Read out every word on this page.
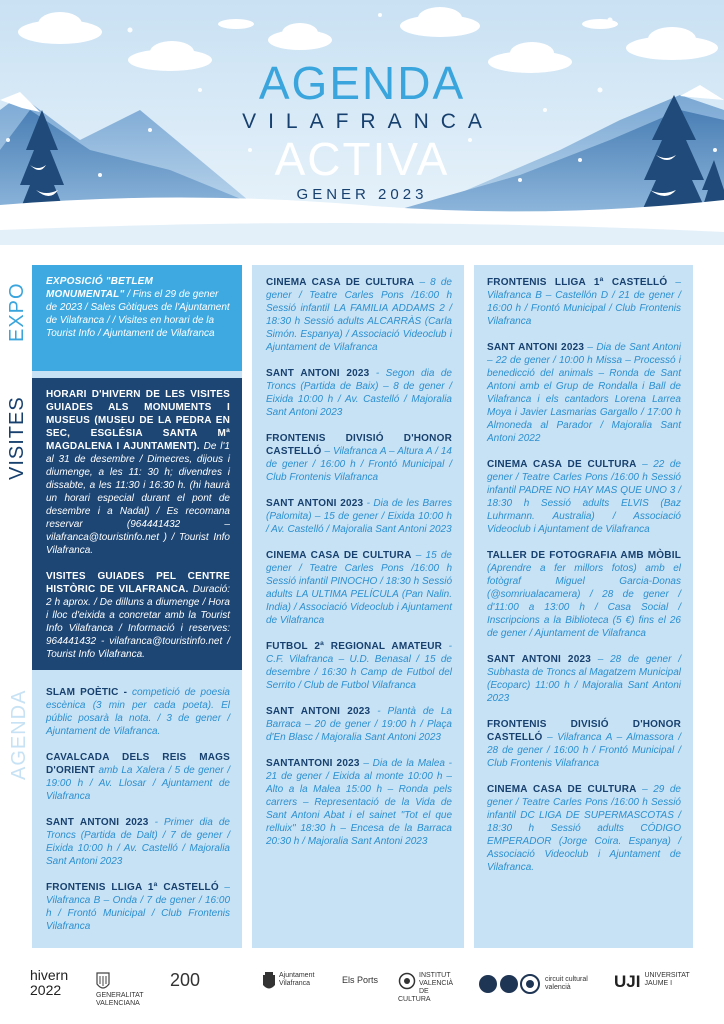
AGENDA
VILAFRANCA
ACTIVA
GENER 2023
EXPO
VISITES
AGENDA
EXPOSICIÓ "BETLEM MONUMENTAL" / Fins el 29 de gener de 2023 / Sales Gòtiques de l'Ajuntament de Vilafranca / / Visites en horari de la Tourist Info / Ajuntament de Vilafranca
HORARI D'HIVERN DE LES VISITES GUIADES ALS MONUMENTS I MUSEUS (MUSEU DE LA PEDRA EN SEC, ESGLÉSIA SANTA Mª MAGDALENA I AJUNTAMENT). De l'1 al 31 de desembre / Dimecres, dijous i diumenge, a les 11: 30 h; divendres i dissabte, a les 11:30 i 16:30 h. (hi haurà un horari especial durant el pont de desembre i a Nadal) / Es recomana reservar (964441432 – vilafranca@touristinfo.net ) / Tourist Info Vilafranca.
VISITES GUIADES PEL CENTRE HISTÒRIC DE VILAFRANCA. Duració: 2 h aprox. / De dilluns a diumenge / Hora i lloc d'eixida a concretar amb la Tourist Info Vilafranca / Informació i reserves: 964441432 - vilafranca@touristinfo.net / Tourist Info Vilafranca.
SLAM POÈTIC - competició de poesia escènica (3 min per cada poeta). El públic posarà la nota. / 3 de gener / Ajuntament de Vilafranca.
CAVALCADA DELS REIS MAGS D'ORIENT amb La Xalera / 5 de gener / 19:00 h / Av. Llosar / Ajuntament de Vilafranca
SANT ANTONI 2023 - Primer dia de Troncs (Partida de Dalt) / 7 de gener / Eixida 10:00 h / Av. Castelló / Majoralia Sant Antoni 2023
FRONTENIS LLIGA 1ª CASTELLÓ – Vilafranca B – Onda / 7 de gener / 16:00 h / Frontó Municipal / Club Frontenis Vilafranca
CINEMA CASA DE CULTURA – 8 de gener / Teatre Carles Pons /16:00 h Sessió infantil LA FAMILIA ADDAMS 2 / 18:30 h Sessió adults ALCARRÀS (Carla Simón. Espanya) / Associació Videoclub i Ajuntament de Vilafranca
SANT ANTONI 2023 - Segon dia de Troncs (Partida de Baix) – 8 de gener / Eixida 10:00 h / Av. Castelló / Majoralia Sant Antoni 2023
FRONTENIS DIVISIÓ D'HONOR CASTELLÓ – Vilafranca A – Altura A / 14 de gener / 16:00 h / Frontó Municipal / Club Frontenis Vilafranca
SANT ANTONI 2023 - Dia de les Barres (Palomita) – 15 de gener / Eixida 10:00 h / Av. Castelló / Majoralia Sant Antoni 2023
CINEMA CASA DE CULTURA – 15 de gener / Teatre Carles Pons /16:00 h Sessió infantil PINOCHO / 18:30 h Sessió adults LA ULTIMA PELÍCULA (Pan Nalin. India) / Associació Videoclub i Ajuntament de Vilafranca
FUTBOL 2ª REGIONAL AMATEUR - C.F. Vilafranca – U.D. Benasal / 15 de desembre / 16:30 h Camp de Futbol del Serrito / Club de Futbol Vilafranca
SANT ANTONI 2023 - Plantà de La Barraca – 20 de gener / 19:00 h / Plaça d'En Blasc / Majoralia Sant Antoni 2023
SANTANTONI 2023 – Dia de la Malea - 21 de gener / Eixida al monte 10:00 h – Alto a la Malea 15:00 h – Ronda pels carrers – Representació de la Vida de Sant Antoni Abat i el sainet "Tot el que relluix" 18:30 h – Encesa de la Barraca 20:30 h / Majoralia Sant Antoni 2023
FRONTENIS LLIGA 1ª CASTELLÓ – Vilafranca B – Castellón D / 21 de gener / 16:00 h / Frontó Municipal / Club Frontenis Vilafranca
SANT ANTONI 2023 – Dia de Sant Antoni – 22 de gener / 10:00 h Missa – Processó i benedicció del animals – Ronda de Sant Antoni amb el Grup de Rondalla i Ball de Vilafranca i els cantadors Lorena Larrea Moya i Javier Lasmarias Gargallo / 17:00 h Almoneda al Parador / Majoralia Sant Antoni 2022
CINEMA CASA DE CULTURA – 22 de gener / Teatre Carles Pons /16:00 h Sessió infantil PADRE NO HAY MAS QUE UNO 3 / 18:30 h Sessió adults ELVIS (Baz Luhrmann. Australia) / Associació Videoclub i Ajuntament de Vilafranca
TALLER DE FOTOGRAFIA AMB MÒBIL (Aprendre a fer millors fotos) amb el fotògraf Miguel Garcia-Donas (@somriualacamera) / 28 de gener / d'11:00 a 13:00 h / Casa Social / Inscripcions a la Biblioteca (5 €) fins el 26 de gener / Ajuntament de Vilafranca
SANT ANTONI 2023 – 28 de gener / Subhasta de Troncs al Magatzem Municipal (Ecoparc) 11:00 h / Majoralia Sant Antoni 2023
FRONTENIS DIVISIÓ D'HONOR CASTELLÓ – Vilafranca A – Almassora / 28 de gener / 16:00 h / Frontó Municipal / Club Frontenis Vilafranca
CINEMA CASA DE CULTURA – 29 de gener / Teatre Carles Pons /16:00 h Sessió infantil DC LIGA DE SUPERMASCOTAS / 18:30 h Sessió adults CÓDIGO EMPERADOR (Jorge Coira. Espanya) / Associació Videoclub i Ajuntament de Vilafranca.
hivern
2022	GENERALITAT VALENCIANA
200	Ajuntament Vilafranca	Els Ports	INSTITUT VALENCIÀ DE CULTURA
circuit cultural valencià	UJI UNIVERSITAT JAUME I
